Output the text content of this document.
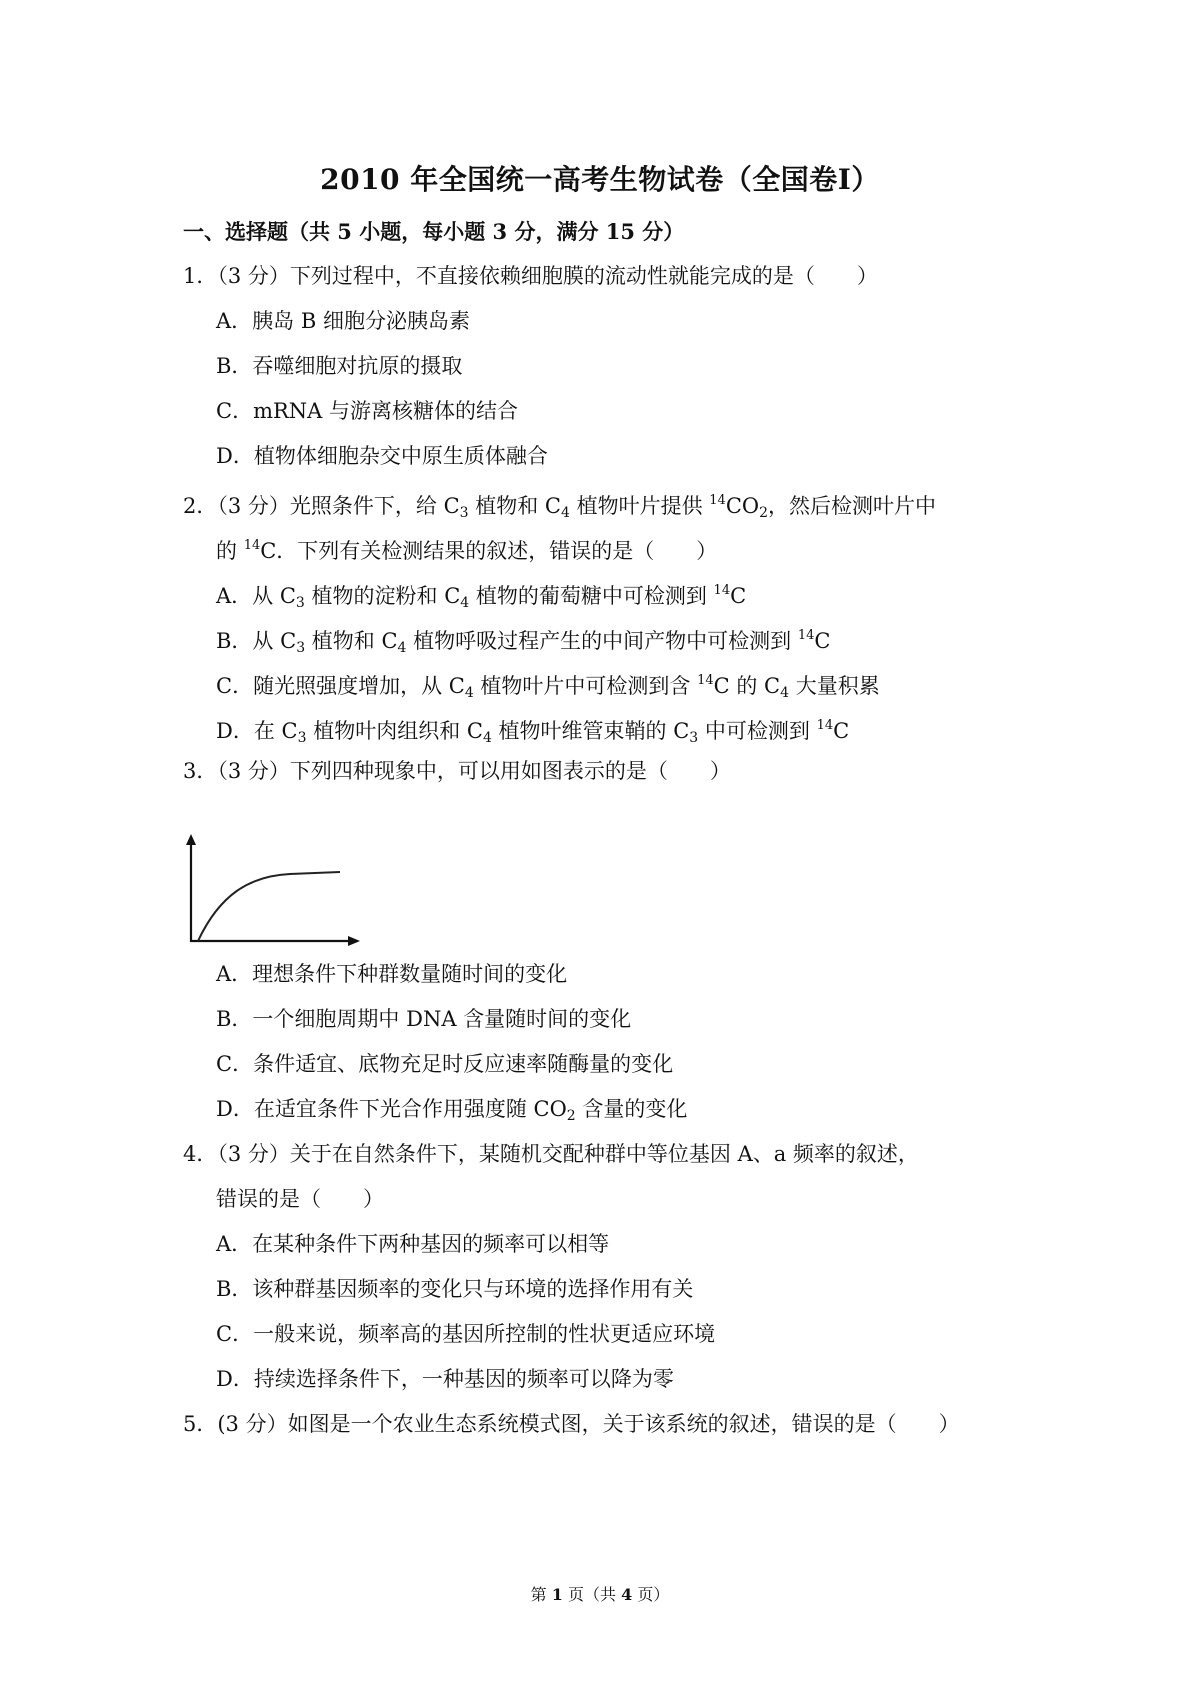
2010 年全国统一高考生物试卷（全国卷Ⅰ）
一、选择题（共 5 小题，每小题 3 分，满分 15 分）
1．（3 分）下列过程中，不直接依赖细胞膜的流动性就能完成的是（　　）
A．胰岛 B 细胞分泌胰岛素
B．吞噬细胞对抗原的摄取
C．mRNA 与游离核糖体的结合
D．植物体细胞杂交中原生质体融合
2．（3 分）光照条件下，给 $C_3$ 植物和 $C_4$ 植物叶片提供 $^{14}CO_2$，然后检测叶片中
的 $^{14}$C．下列有关检测结果的叙述，错误的是（　　）
A．从 $C_3$ 植物的淀粉和 $C_4$ 植物的葡萄糖中可检测到 $^{14}$C
B．从 $C_3$ 植物和 $C_4$ 植物呼吸过程产生的中间产物中可检测到 $^{14}$C
C．随光照强度增加，从 $C_4$ 植物叶片中可检测到含 $^{14}$C 的 $C_4$ 大量积累
D．在 $C_3$ 植物叶肉组织和 $C_4$ 植物叶维管束鞘的 $C_3$ 中可检测到 $^{14}$C
3．（3 分）下列四种现象中，可以用如图表示的是（　　）
A．理想条件下种群数量随时间的变化
B．一个细胞周期中 DNA 含量随时间的变化
C．条件适宜、底物充足时反应速率随酶量的变化
D．在适宜条件下光合作用强度随 $CO_2$ 含量的变化
4．（3 分）关于在自然条件下，某随机交配种群中等位基因 A、a 频率的叙述，
错误的是（　　）
A．在某种条件下两种基因的频率可以相等
B．该种群基因频率的变化只与环境的选择作用有关
C．一般来说，频率高的基因所控制的性状更适应环境
D．持续选择条件下，一种基因的频率可以降为零
5．(3 分）如图是一个农业生态系统模式图，关于该系统的叙述，错误的是（　　）
第 1 页（共 4 页）
